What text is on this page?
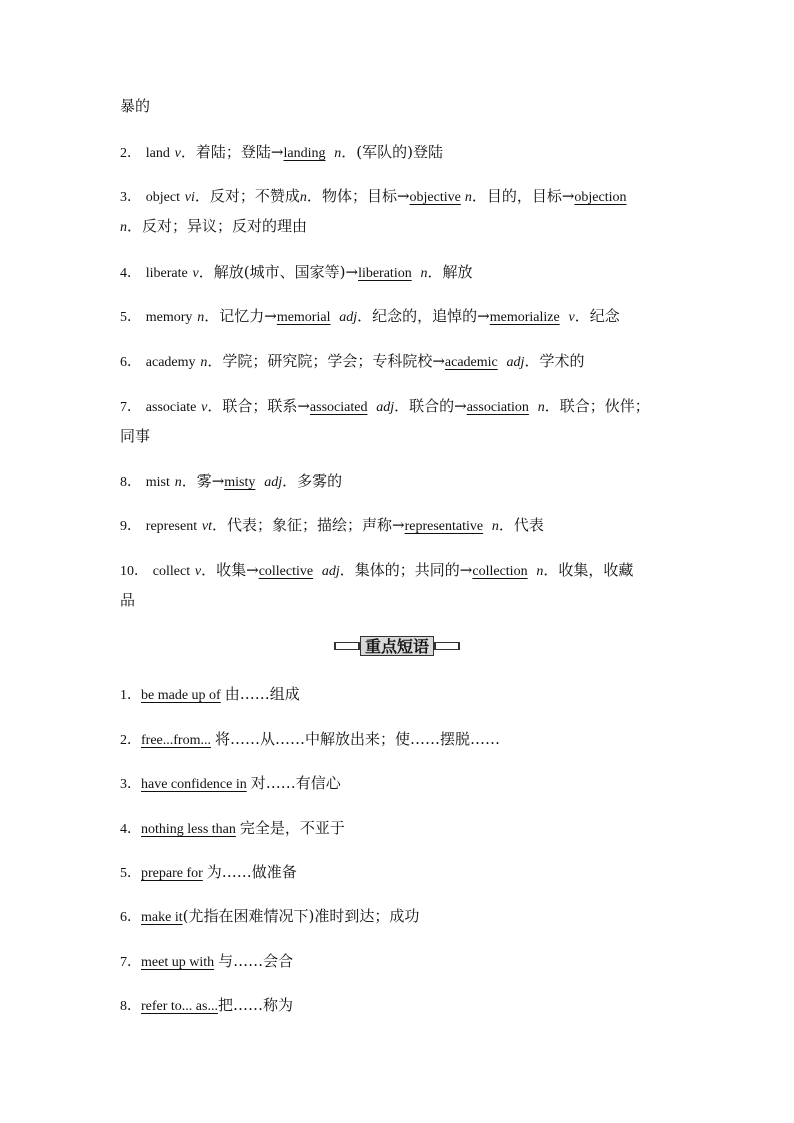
暴的
2． land v．着陆；登陆→landing n．(军队的)登陆
3． object vi．反对；不赞成n．物体；目标→objective n．目的，目标→objection
n．反对；异议；反对的理由
4． liberate v．解放(城市、国家等)→liberation n．解放
5． memory n．记忆力→memorial adj．纪念的，追悼的→memorialize v．纪念
6． academy n．学院；研究院；学会；专科院校→academic adj．学术的
7． associate v．联合；联系→associated adj．联合的→association n．联合；伙伴；
同事
8． mist n．雾→misty adj．多雾的
9． represent vt．代表；象征；描绘；声称→representative n．代表
10． collect v．收集→collective adj．集体的；共同的→collection n．收集，收藏
品
重点短语
1．be made up of 由……组成
2．free...from... 将……从……中解放出来；使……摆脱……
3．have confidence in 对……有信心
4．nothing less than 完全是，不亚于
5．prepare for 为……做准备
6．make it(尤指在困难情况下)准时到达；成功
7．meet up with 与……会合
8．refer to... as...把……称为
